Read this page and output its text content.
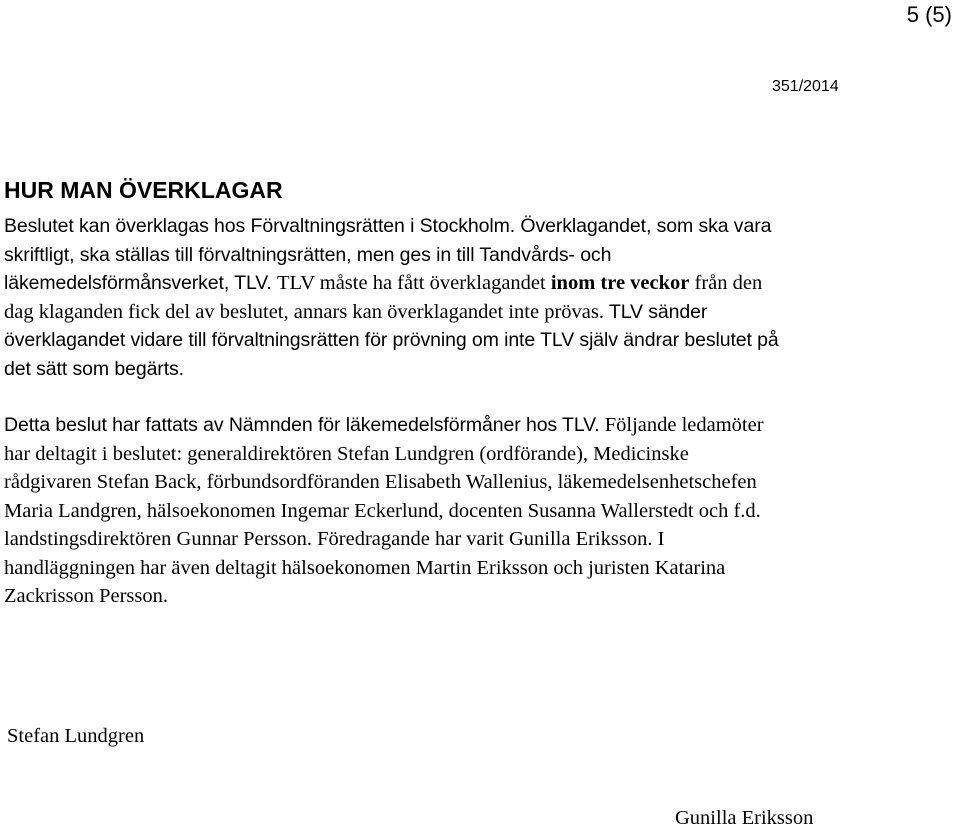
5 (5)
351/2014
HUR MAN ÖVERKLAGAR
Beslutet kan överklagas hos Förvaltningsrätten i Stockholm. Överklagandet, som ska vara
skriftligt, ska ställas till förvaltningsrätten, men ges in till Tandvårds- och
läkemedelsförmånsverket, TLV. TLV måste ha fått överklagandet inom tre veckor från den
dag klaganden fick del av beslutet, annars kan överklagandet inte prövas. TLV sänder
överklagandet vidare till förvaltningsrätten för prövning om inte TLV själv ändrar beslutet på
det sätt som begärts.
Detta beslut har fattats av Nämnden för läkemedelsförmåner hos TLV. Följande ledamöter
har deltagit i beslutet: generaldirektören Stefan Lundgren (ordförande), Medicinske
rådgivaren Stefan Back, förbundsordföranden Elisabeth Wallenius, läkemedelsenhetschefen
Maria Landgren, hälsoekonomen Ingemar Eckerlund, docenten Susanna Wallerstedt och f.d.
landstingsdirektören Gunnar Persson. Föredragande har varit Gunilla Eriksson. I
handläggningen har även deltagit hälsoekonomen Martin Eriksson och juristen Katarina
Zackrisson Persson.
Stefan Lundgren
Gunilla Eriksson
